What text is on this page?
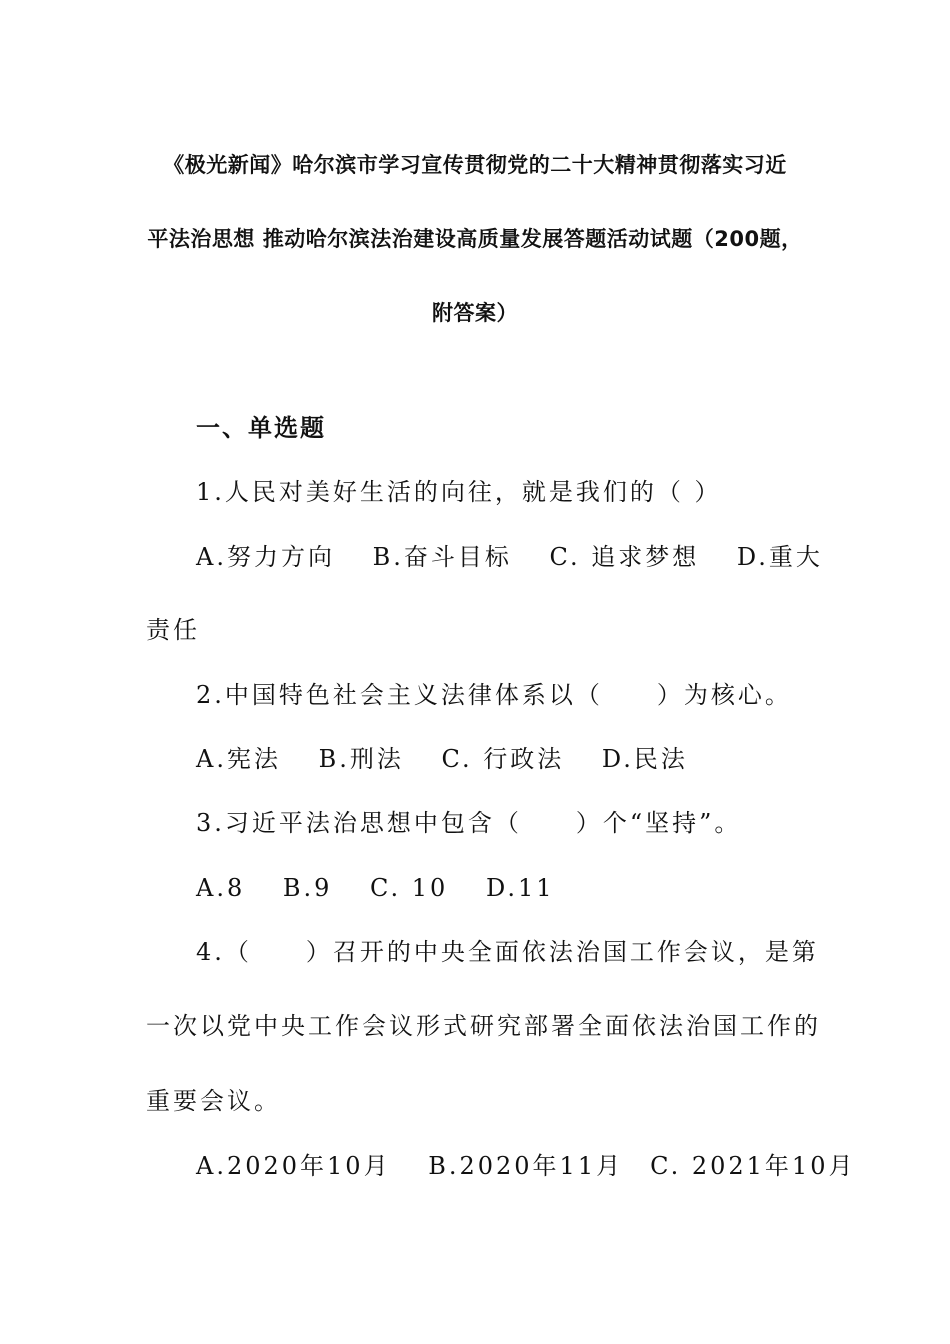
《极光新闻》哈尔滨市学习宣传贯彻党的二十大精神贯彻落实习近
平法治思想 推动哈尔滨法治建设高质量发展答题活动试题（200题，
附答案）
一、单选题
1.人民对美好生活的向往，就是我们的（ ）
A.努力方向　 B.奋斗目标　 C. 追求梦想　 D.重大
责任
2.中国特色社会主义法律体系以（　　）为核心。
A.宪法　 B.刑法　 C. 行政法　 D.民法
3.习近平法治思想中包含（　　）个“坚持”。
A.8　 B.9　 C. 10　 D.11
4.（　　）召开的中央全面依法治国工作会议，是第
一次以党中央工作会议形式研究部署全面依法治国工作的
重要会议。
A.2020年10月　 B.2020年11月　C. 2021年10月
